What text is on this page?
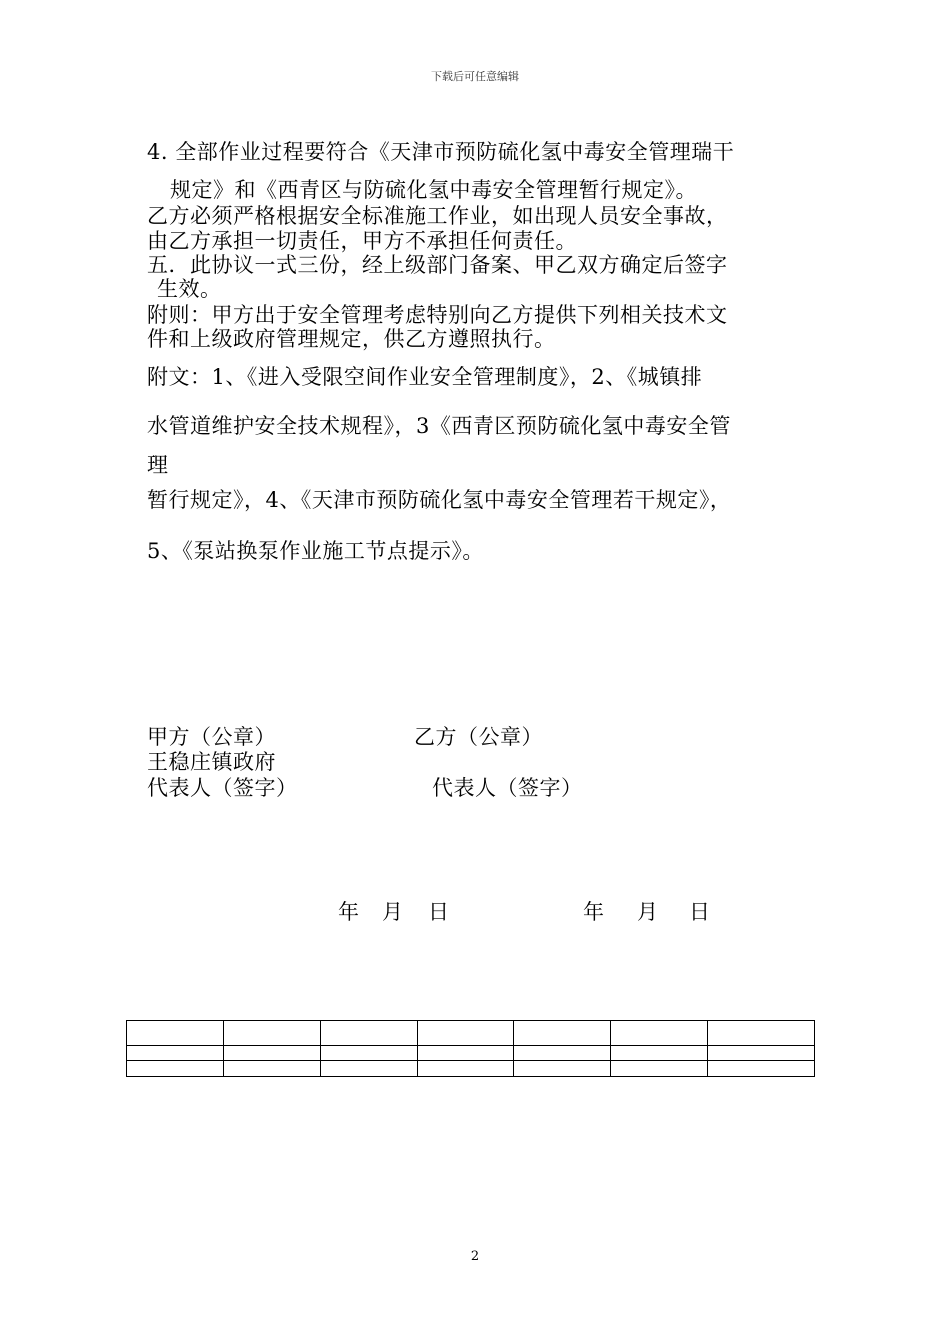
下载后可任意编辑
4. 全部作业过程要符合《天津市预防硫化氢中毒安全管理瑞干
规定》和《西青区与防硫化氢中毒安全管理暂行规定》。
乙方必须严格根据安全标准施工作业，如出现人员安全事故，
由乙方承担一切责任，甲方不承担任何责任。
五．此协议一式三份，经上级部门备案、甲乙双方确定后签字
生效。
附则：甲方出于安全管理考虑特别向乙方提供下列相关技术文
件和上级政府管理规定，供乙方遵照执行。
附文：1、《进入受限空间作业安全管理制度》，2、《城镇排
水管道维护安全技术规程》，3《西青区预防硫化氢中毒安全管
理
暂行规定》，4、《天津市预防硫化氢中毒安全管理若干规定》，
5、《泵站换泵作业施工节点提示》。
甲方（公章）	乙方（公章）
王稳庄镇政府
代表人（签字）	代表人（签字）
年 月 日	年 月 日

2
